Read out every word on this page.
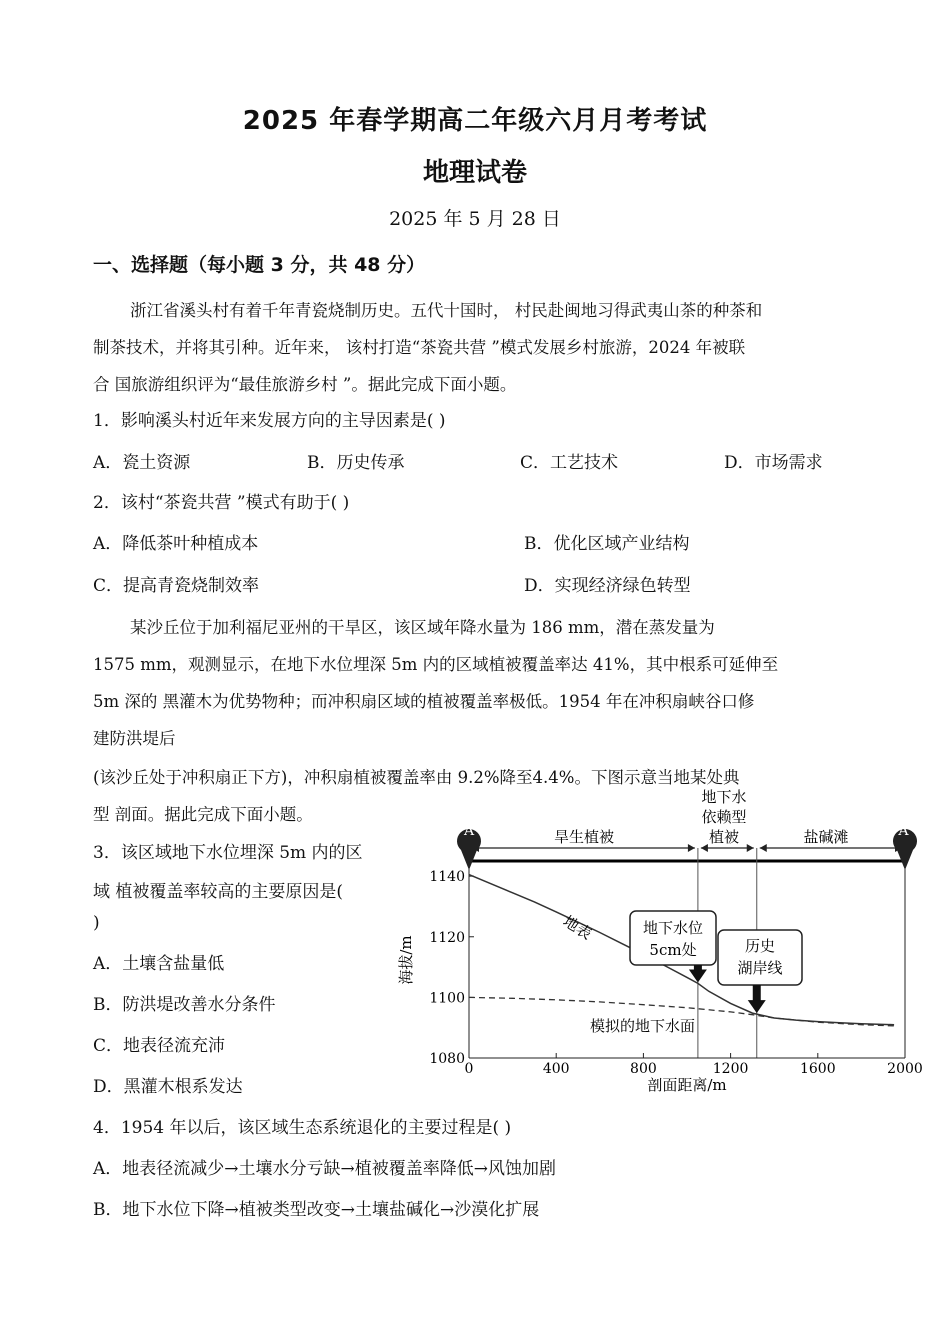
2025 年春学期高二年级六月月考考试
地理试卷
2025 年 5 月 28 日
一、选择题（每小题 3 分，共 48 分）
浙江省溪头村有着千年青瓷烧制历史。五代十国时， 村民赴闽地习得武夷山茶的种茶和
制茶技术，并将其引种。近年来， 该村打造“茶瓷共营 ”模式发展乡村旅游，2024 年被联
合 国旅游组织评为“最佳旅游乡村 ”。据此完成下面小题。
1．影响溪头村近年来发展方向的主导因素是( )
A．瓷土资源	B．历史传承	C．工艺技术	D．市场需求
2．该村“茶瓷共营 ”模式有助于( )
A．降低茶叶种植成本	B．优化区域产业结构
C．提高青瓷烧制效率	D．实现经济绿色转型
某沙丘位于加利福尼亚州的干旱区，该区域年降水量为 186 mm，潜在蒸发量为
1575 mm，观测显示，在地下水位埋深 5m 内的区域植被覆盖率达 41%，其中根系可延伸至
5m 深的 黑灌木为优势物种；而冲积扇区域的植被覆盖率极低。1954 年在冲积扇峡谷口修
建防洪堤后
(该沙丘处于冲积扇正下方)，冲积扇植被覆盖率由 9.2%降至4.4%。下图示意当地某处典
型 剖面。据此完成下面小题。
3．该区域地下水位埋深 5m 内的区
域 植被覆盖率较高的主要原因是(
)
A．土壤含盐量低
B．防洪堤改善水分条件
C．地表径流充沛
D．黑灌木根系发达
4．1954 年以后，该区域生态系统退化的主要过程是( )
A．地表径流减少→土壤水分亏缺→植被覆盖率降低→风蚀加剧
B．地下水位下降→植被类型改变→土壤盐碱化→沙漠化扩展
旱生植被
地下水
依赖型
植被	盐碱滩
A	A′
1080
1100
1120
1140
0	400	800	1200	1600	2000
海拔/m
剖面距离/m
地表
模拟的地下水面
地下水位
5cm处	历史
湖岸线
